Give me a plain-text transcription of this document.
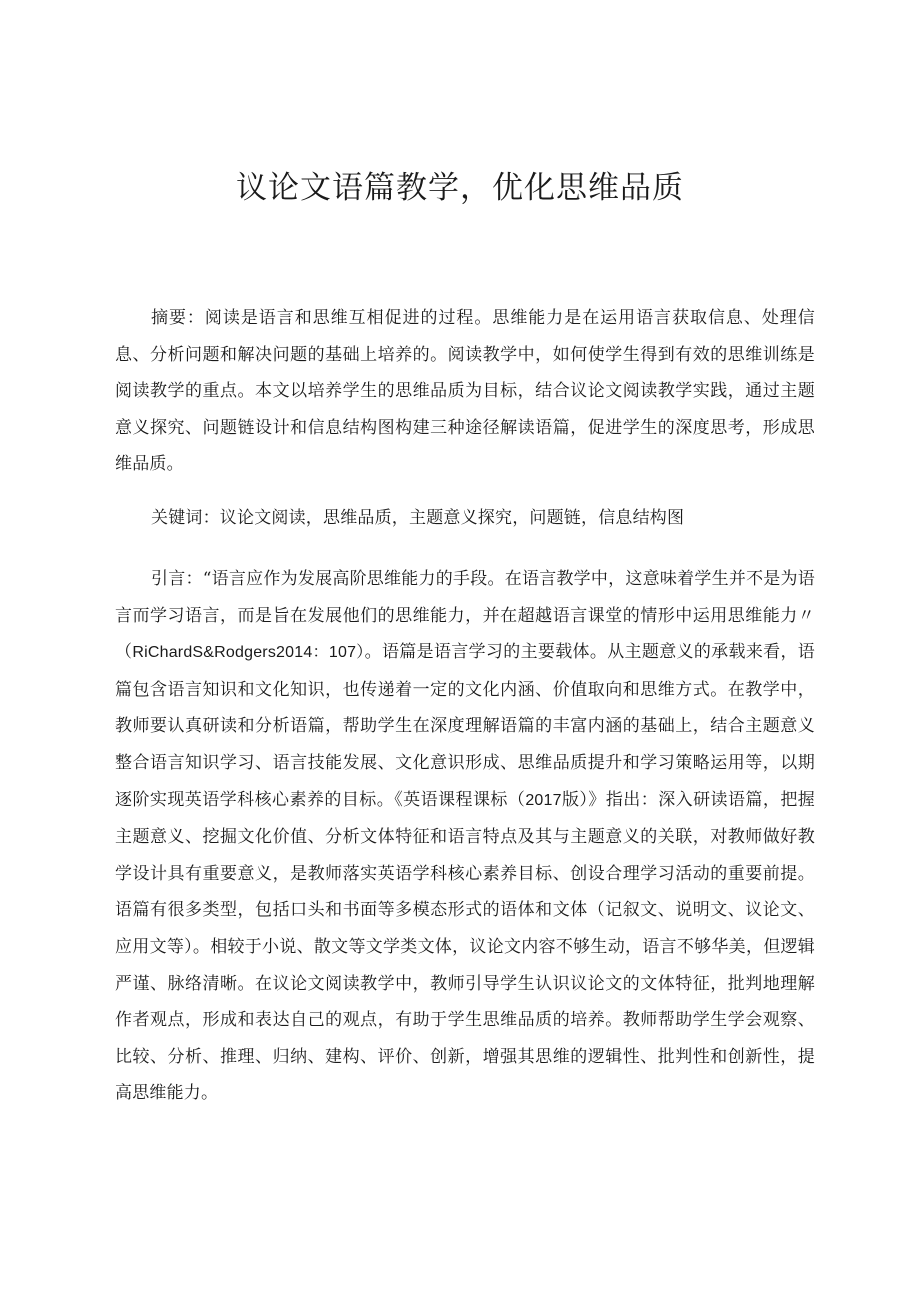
议论文语篇教学，优化思维品质

摘要：阅读是语言和思维互相促进的过程。思维能力是在运用语言获取信息、处理信息、分析问题和解决问题的基础上培养的。阅读教学中，如何使学生得到有效的思维训练是阅读教学的重点。本文以培养学生的思维品质为目标，结合议论文阅读教学实践，通过主题意义探究、问题链设计和信息结构图构建三种途径解读语篇，促进学生的深度思考，形成思维品质。

关键词：议论文阅读，思维品质，主题意义探究，问题链，信息结构图

引言：“语言应作为发展高阶思维能力的手段。在语言教学中，这意味着学生并不是为语言而学习语言，而是旨在发展他们的思维能力，并在超越语言课堂的情形中运用思维能力〃（RiChardS&Rodgers2014：107）。语篇是语言学习的主要载体。从主题意义的承载来看，语篇包含语言知识和文化知识，也传递着一定的文化内涵、价值取向和思维方式。在教学中，教师要认真研读和分析语篇，帮助学生在深度理解语篇的丰富内涵的基础上，结合主题意义整合语言知识学习、语言技能发展、文化意识形成、思维品质提升和学习策略运用等，以期逐阶实现英语学科核心素养的目标。《英语课程课标（2017版）》指出：深入研读语篇，把握主题意义、挖掘文化价值、分析文体特征和语言特点及其与主题意义的关联，对教师做好教学设计具有重要意义，是教师落实英语学科核心素养目标、创设合理学习活动的重要前提。语篇有很多类型，包括口头和书面等多模态形式的语体和文体（记叙文、说明文、议论文、应用文等）。相较于小说、散文等文学类文体，议论文内容不够生动，语言不够华美，但逻辑严谨、脉络清晰。在议论文阅读教学中，教师引导学生认识议论文的文体特征，批判地理解作者观点，形成和表达自己的观点，有助于学生思维品质的培养。教师帮助学生学会观察、比较、分析、推理、归纳、建构、评价、创新，增强其思维的逻辑性、批判性和创新性，提高思维能力。
